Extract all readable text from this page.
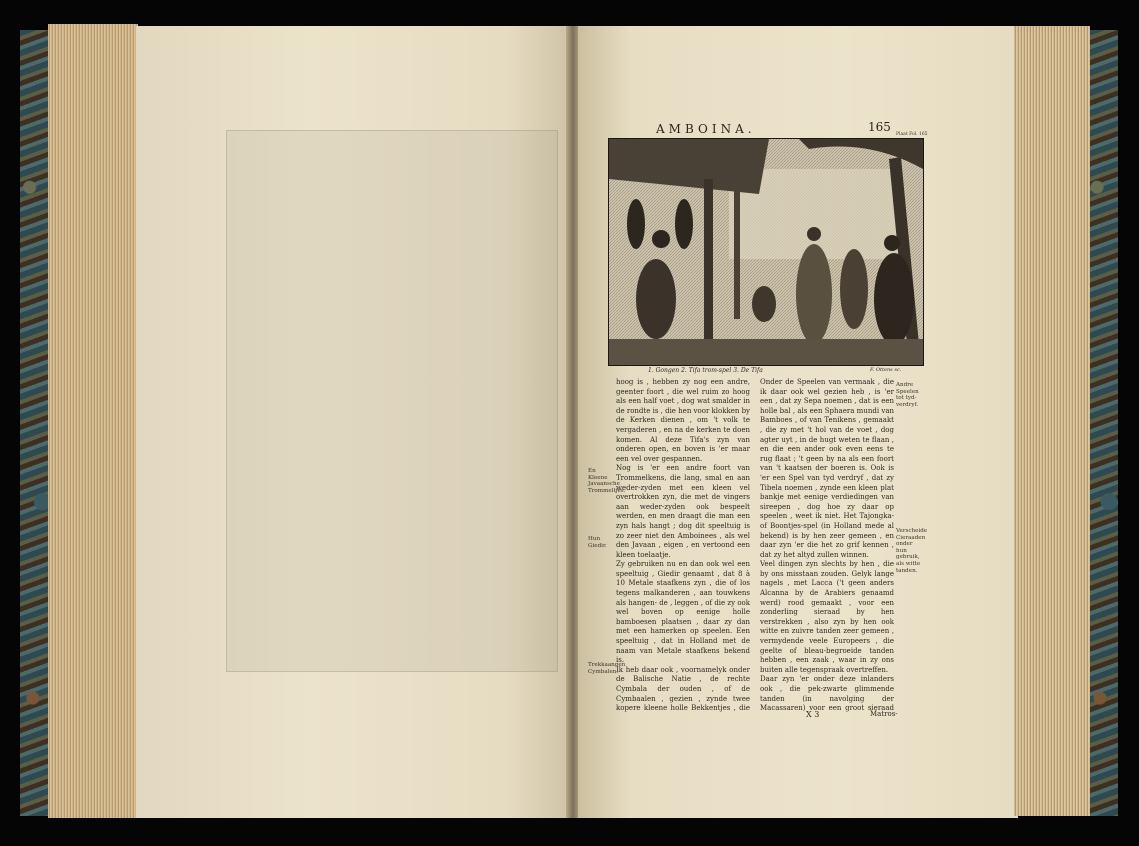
AMBOINA.	165
Plaat Fol. 165
1. Gongen 2. Tifa trom-spel 3. De Tifa	F. Ottens sc.
hoog is , hebben zy nog een andre, geenter foort , die wel ruim zo hoog als een half voet , dog wat smalder in de rondte is , die hen voor klokken by de Kerken dienen , om 't volk te vergaderen , en na de kerken te doen komen. Al deze Tifa's zyn van onderen open, en boven is 'er maar een vel over gespannen.
Nog is 'er een andre foort van Trommelkens, die lang, smal en aan weder-zyden met een kleen vel overtrokken zyn, die met de vingers aan weder-zyden ook bespeelt werden, en men draagt die man een zyn hals hangt ; dog dit speeltuig is zo zeer niet den Amboinees , als wel den Javaan , eigen , en vertoond een kleen toelaatje.
Zy gebruiken nu en dan ook wel een speeltuig , Giedir genaamt , dat 8 à 10 Metale staafkens zyn , die of los tegens malkanderen , aan touwkens als hangen- de , leggen , of die zy ook wel boven op eenige holle bamboesen plaatsen , daar zy dan met een hamerken op speelen. Een speeltuig , dat in Holland met de naam van Metale staafkens bekend is.
Ik heb daar ook , voornamelyk onder de Balische Natie , de rechte Cymbala der ouden , of de Cymbaalen , gezien , zynde twee kopere kleene holle Bekkentjes , die

Onder de Speelen van vermaak , die ik daar ook wel gezien heb , is 'er een , dat zy Sepa noemen , dat is een holle bal , als een Sphaera mundi van Bamboes , of van Tenikens , gemaakt , die zy met 't hol van de voet , dog agter uyt , in de hugt weten te flaan , en die een ander ook even eens te rug flaat ; 't geen by na als een foort van 't kaatsen der boeren is. Ook is 'er een Spel van tyd verdryf , dat zy Tibela noemen , zynde een kleen plat bankje met eenige verdiedingen van sireepen , dog hoe zy daar op speelen , weet ik niet. Het Tajongka- of Boontjes-spel (in Holland mede al bekend) is by hen zeer gemeen , en daar zyn 'er die het zo grif kennen , dat zy het altyd zullen winnen.
Veel dingen zyn slechts by hen , die by ons misstaan zouden. Gelyk lange nagels , met Lacca ('t geen anders Alcanna by de Arabiers genaamd werd) rood gemaakt , voor een zonderling sieraad by hen verstrekken , also zyn by hen ook witte en zuivre tanden zeer gemeen , vermydende veele Europeers , die geelte of bleau-begroeide tanden hebben , een zaak , waar in zy ons buiten alle tegenspraak overtreffen.
Daar zyn 'er onder deze inlanders ook , die pek-zwarte glimmende tanden (in navolging der Macassaren) voor een groot sieraad
En Kleene Javaansche Trommeltjes.
Hun Giedir.
Trekkaangen Cymbalen.
Andre Speelen tot tyd-verdryf.
Verscheide Cieraaden onder hun gebruik, als witte tanden.
X 3	Matros-
